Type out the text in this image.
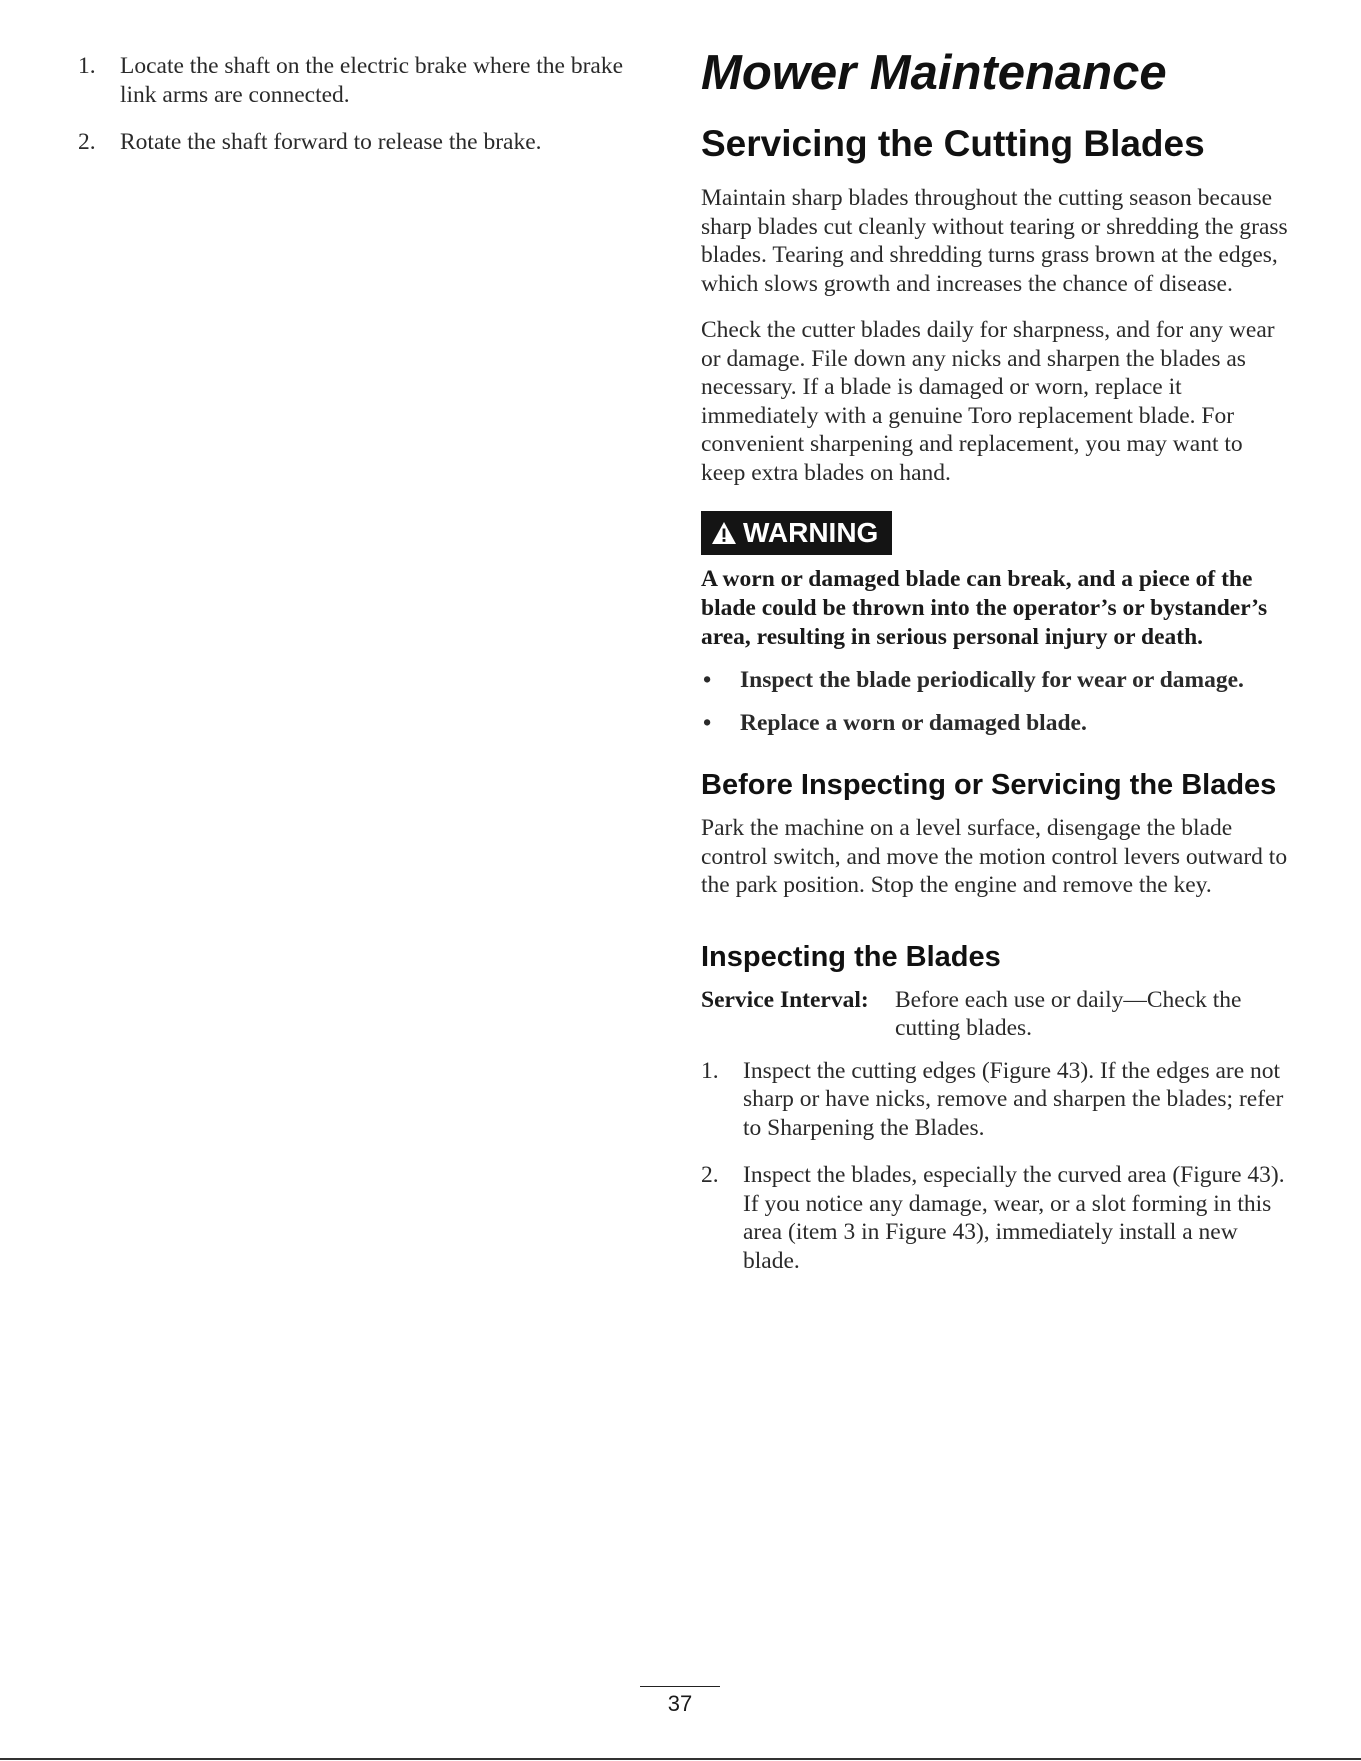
1. Locate the shaft on the electric brake where the brake link arms are connected.
2. Rotate the shaft forward to release the brake.
Mower Maintenance
Servicing the Cutting Blades

Maintain sharp blades throughout the cutting season because sharp blades cut cleanly without tearing or shredding the grass blades. Tearing and shredding turns grass brown at the edges, which slows growth and increases the chance of disease.

Check the cutter blades daily for sharpness, and for any wear or damage. File down any nicks and sharpen the blades as necessary. If a blade is damaged or worn, replace it immediately with a genuine Toro replacement blade. For convenient sharpening and replacement, you may want to keep extra blades on hand.

WARNING

A worn or damaged blade can break, and a piece of the blade could be thrown into the operator’s or bystander’s area, resulting in serious personal injury or death.

• Inspect the blade periodically for wear or damage.
• Replace a worn or damaged blade.
Before Inspecting or Servicing the Blades

Park the machine on a level surface, disengage the blade control switch, and move the motion control levers outward to the park position. Stop the engine and remove the key.

Inspecting the Blades
Service Interval: Before each use or daily—Check the cutting blades.
1. Inspect the cutting edges (Figure 43). If the edges are not sharp or have nicks, remove and sharpen the blades; refer to Sharpening the Blades.
2. Inspect the blades, especially the curved area (Figure 43). If you notice any damage, wear, or a slot forming in this area (item 3 in Figure 43), immediately install a new blade.
37
